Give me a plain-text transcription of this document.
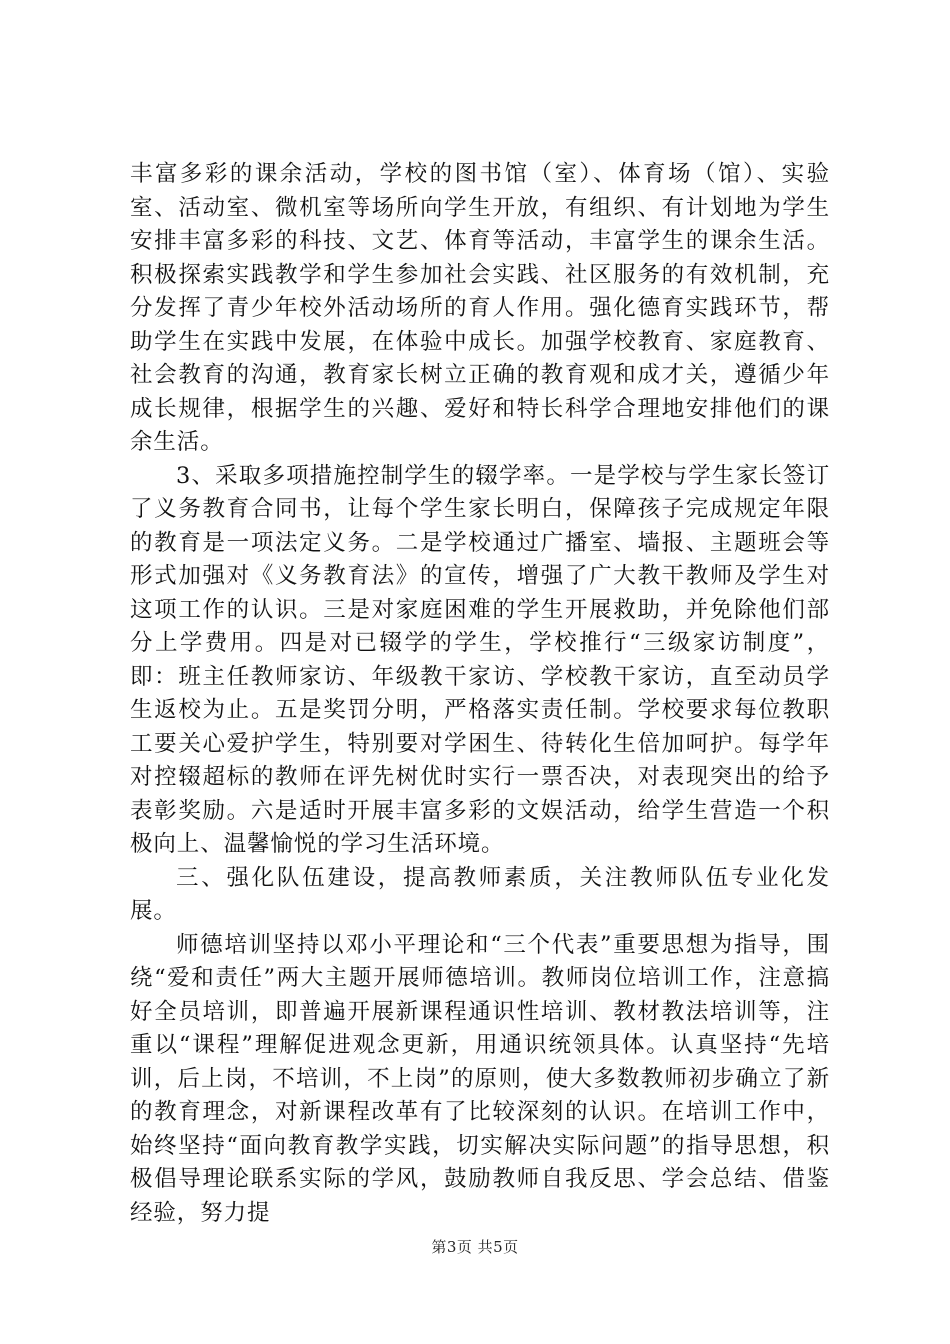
丰富多彩的课余活动，学校的图书馆（室）、体育场（馆）、实验室、活动室、微机室等场所向学生开放，有组织、有计划地为学生安排丰富多彩的科技、文艺、体育等活动，丰富学生的课余生活。积极探索实践教学和学生参加社会实践、社区服务的有效机制，充分发挥了青少年校外活动场所的育人作用。强化德育实践环节，帮助学生在实践中发展，在体验中成长。加强学校教育、家庭教育、社会教育的沟通，教育家长树立正确的教育观和成才关，遵循少年成长规律，根据学生的兴趣、爱好和特长科学合理地安排他们的课余生活。

3、采取多项措施控制学生的辍学率。一是学校与学生家长签订了义务教育合同书，让每个学生家长明白，保障孩子完成规定年限的教育是一项法定义务。二是学校通过广播室、墙报、主题班会等形式加强对《义务教育法》的宣传，增强了广大教干教师及学生对这项工作的认识。三是对家庭困难的学生开展救助，并免除他们部分上学费用。四是对已辍学的学生，学校推行“三级家访制度”，即：班主任教师家访、年级教干家访、学校教干家访，直至动员学生返校为止。五是奖罚分明，严格落实责任制。学校要求每位教职工要关心爱护学生，特别要对学困生、待转化生倍加呵护。每学年对控辍超标的教师在评先树优时实行一票否决，对表现突出的给予表彰奖励。六是适时开展丰富多彩的文娱活动，给学生营造一个积极向上、温馨愉悦的学习生活环境。

三、强化队伍建设，提高教师素质，关注教师队伍专业化发展。

师德培训坚持以邓小平理论和“三个代表”重要思想为指导，围绕“爱和责任”两大主题开展师德培训。教师岗位培训工作，注意搞好全员培训，即普遍开展新课程通识性培训、教材教法培训等，注重以“课程”理解促进观念更新，用通识统领具体。认真坚持“先培训，后上岗，不培训，不上岗”的原则，使大多数教师初步确立了新的教育理念，对新课程改革有了比较深刻的认识。在培训工作中，始终坚持“面向教育教学实践，切实解决实际问题”的指导思想，积极倡导理论联系实际的学风，鼓励教师自我反思、学会总结、借鉴经验，努力提

第3页 共5页
